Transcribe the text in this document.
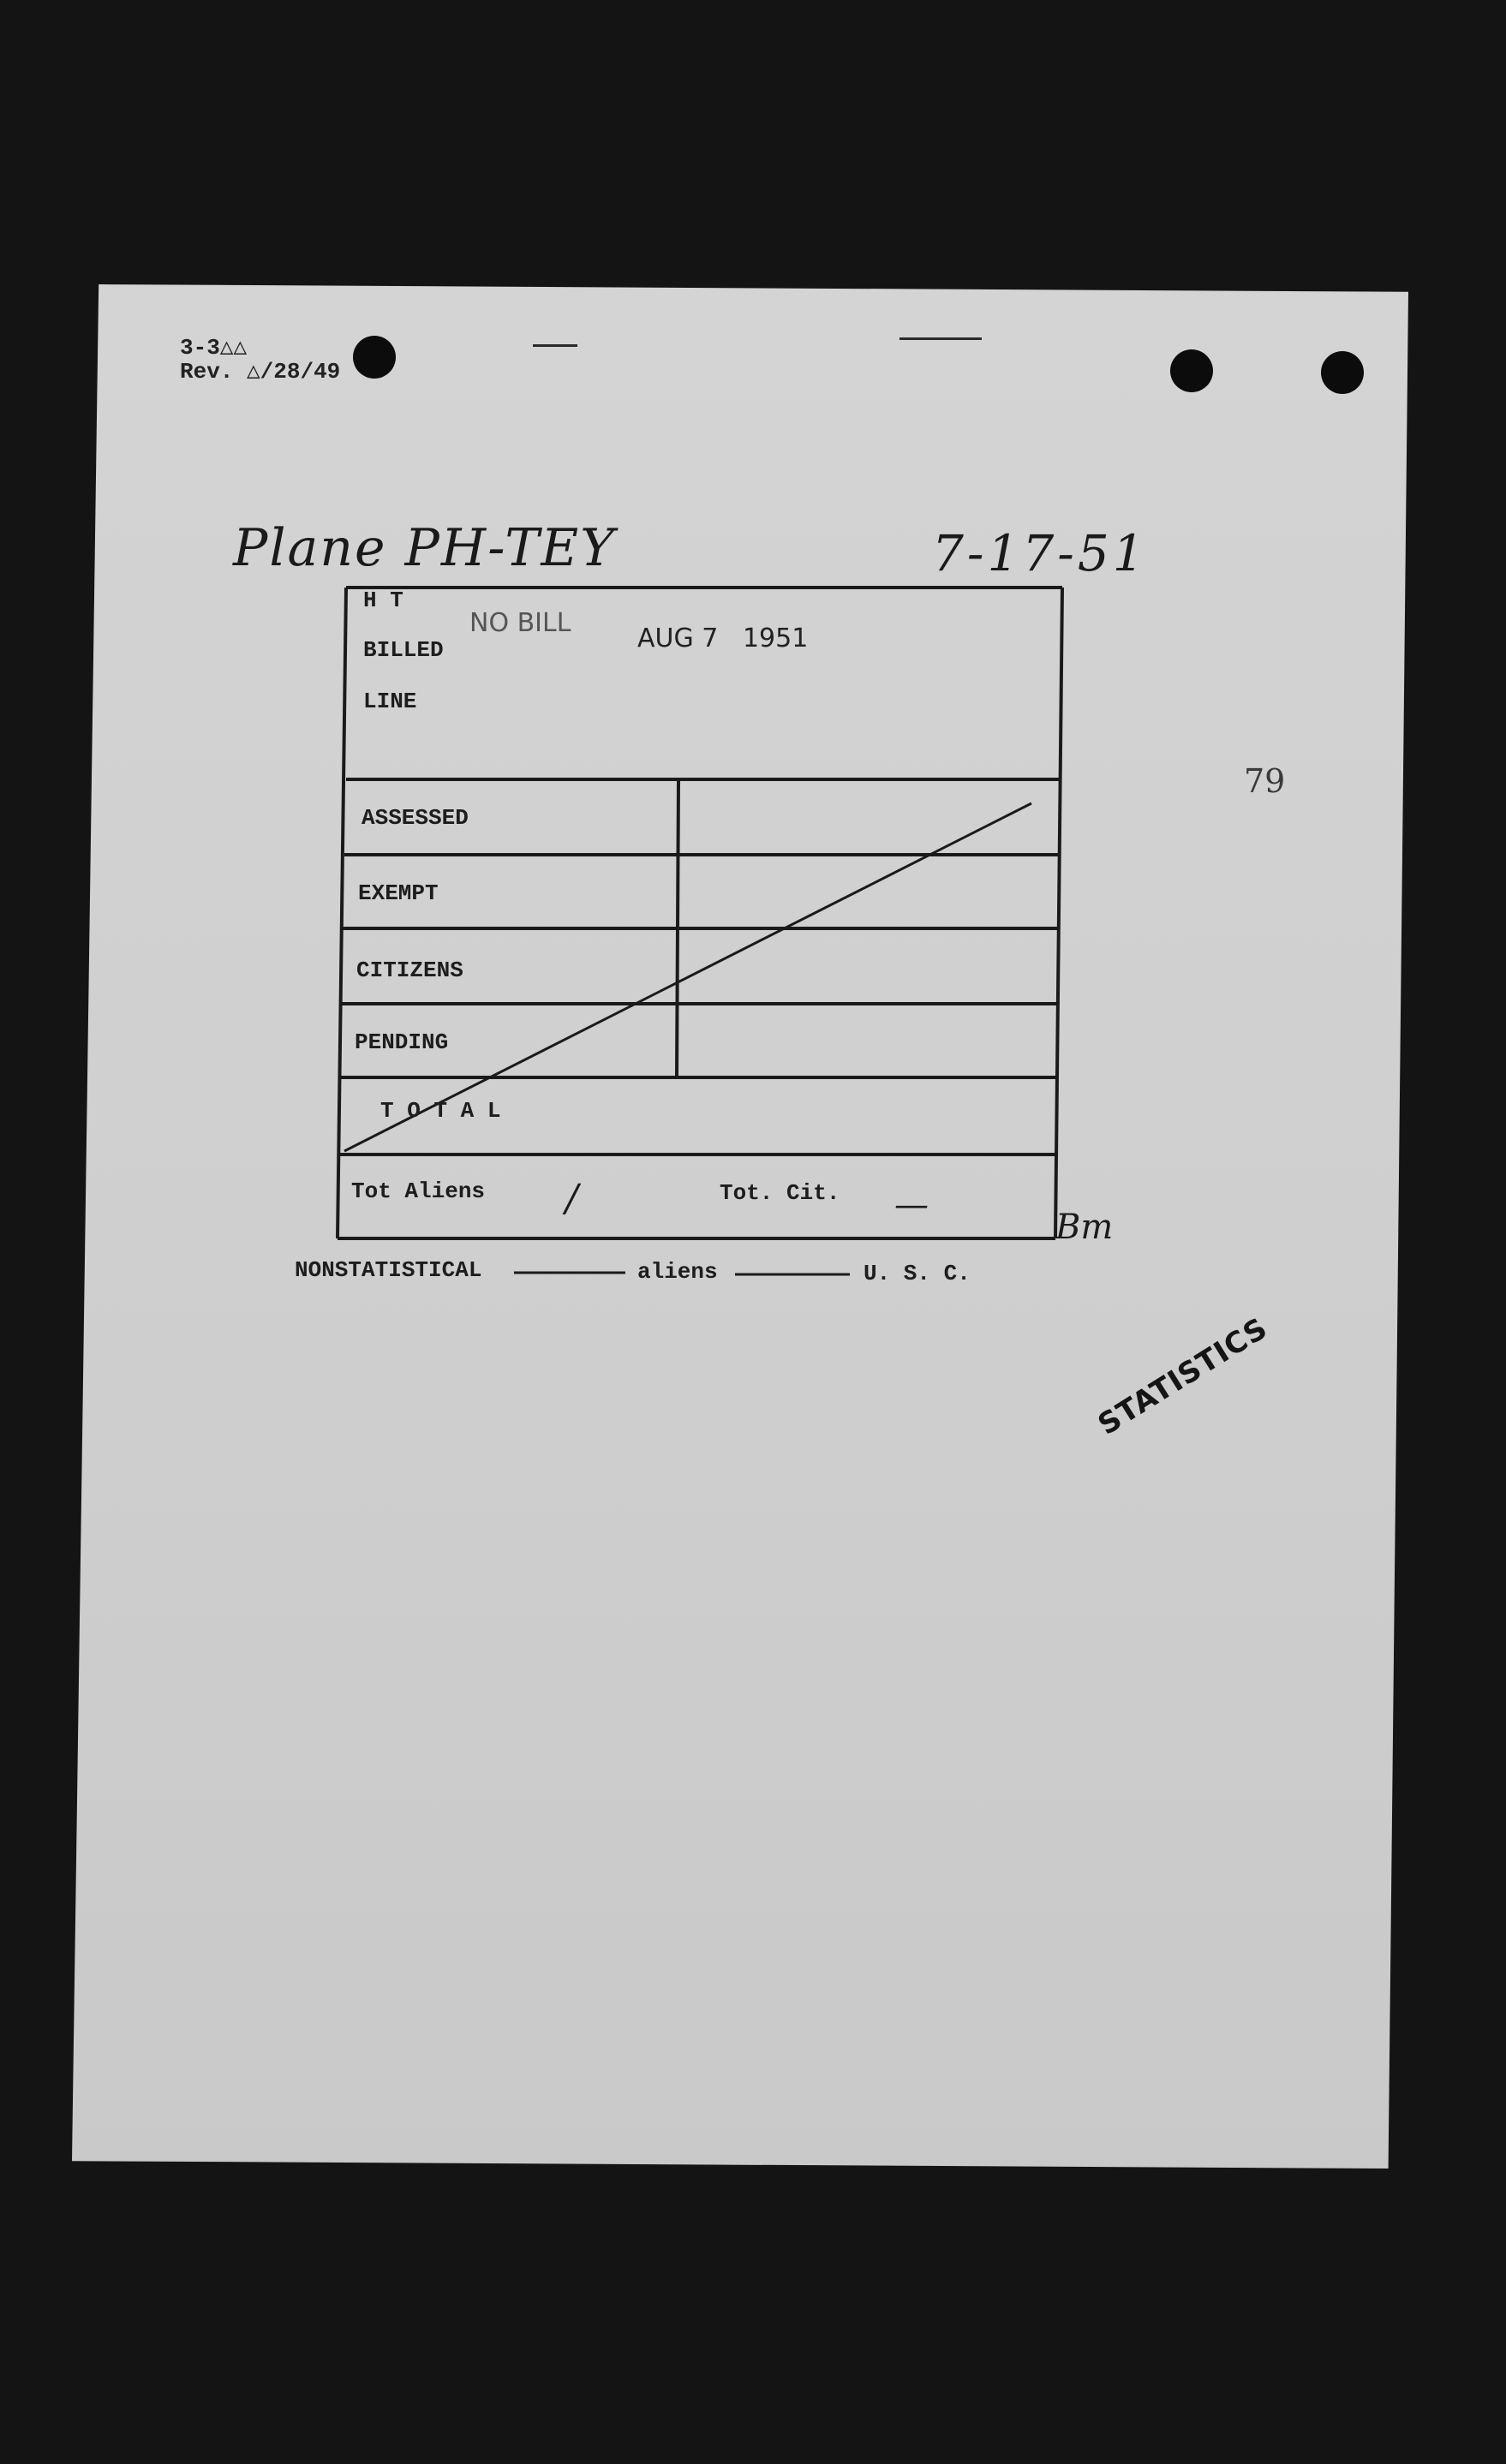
3-3△△
Rev. △/28/49
Plane PH-TEY	7-17-51
79
H T
BILLED
LINE
NO BILL
AUG 7   1951
ASSESSED
EXEMPT
CITIZENS
PENDING
T O T A L
Tot Aliens /	Tot. Cit. —
Bm
NONSTATISTICAL	aliens	U. S. C.
STATISTICS
